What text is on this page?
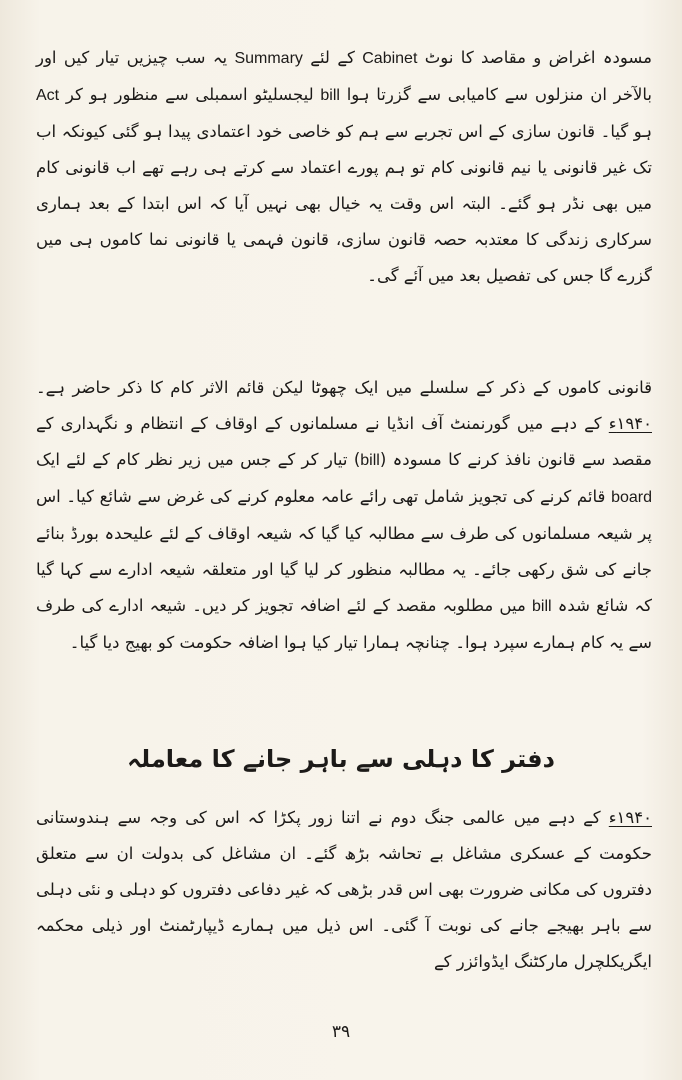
مسودہ اغراض و مقاصد کا نوٹ Cabinet کے لئے Summary یہ سب چیزیں تیار کیں اور بالآخر ان منزلوں سے کامیابی سے گزرتا ہوا bill لیجسلیٹو اسمبلی سے منظور ہو کر Act ہو گیا۔ قانون سازی کے اس تجربے سے ہم کو خاصی خود اعتمادی پیدا ہو گئی کیونکہ اب تک غیر قانونی یا نیم قانونی کام تو ہم پورے اعتماد سے کرتے ہی رہے تھے اب قانونی کام میں بھی نڈر ہو گئے۔ البتہ اس وقت یہ خیال بھی نہیں آیا کہ اس ابتدا کے بعد ہماری سرکاری زندگی کا معتدبہ حصہ قانون سازی، قانون فہمی یا قانونی نما کاموں ہی میں گزرے گا جس کی تفصیل بعد میں آئے گی۔

قانونی کاموں کے ذکر کے سلسلے میں ایک چھوٹا لیکن قائم الاثر کام کا ذکر حاضر ہے۔ ۱۹۴۰ء کے دہے میں گورنمنٹ آف انڈیا نے مسلمانوں کے اوقاف کے انتظام و نگہداری کے مقصد سے قانون نافذ کرنے کا مسودہ (bill) تیار کر کے جس میں زیر نظر کام کے لئے ایک board قائم کرنے کی تجویز شامل تھی رائے عامہ معلوم کرنے کی غرض سے شائع کیا۔ اس پر شیعہ مسلمانوں کی طرف سے مطالبہ کیا گیا کہ شیعہ اوقاف کے لئے علیحدہ بورڈ بنائے جانے کی شق رکھی جائے۔ یہ مطالبہ منظور کر لیا گیا اور متعلقہ شیعہ ادارے سے کہا گیا کہ شائع شدہ bill میں مطلوبہ مقصد کے لئے اضافہ تجویز کر دیں۔ شیعہ ادارے کی طرف سے یہ کام ہمارے سپرد ہوا۔ چنانچہ ہمارا تیار کیا ہوا اضافہ حکومت کو بھیج دیا گیا۔

دفتر کا دہلی سے باہر جانے کا معاملہ

۱۹۴۰ء کے دہے میں عالمی جنگ دوم نے اتنا زور پکڑا کہ اس کی وجہ سے ہندوستانی حکومت کے عسکری مشاغل بے تحاشہ بڑھ گئے۔ ان مشاغل کی بدولت ان سے متعلق دفتروں کی مکانی ضرورت بھی اس قدر بڑھی کہ غیر دفاعی دفتروں کو دہلی و نئی دہلی سے باہر بھیجے جانے کی نوبت آ گئی۔ اس ذیل میں ہمارے ڈیپارٹمنٹ اور ذیلی محکمہ ایگریکلچرل مارکٹنگ ایڈوائزر کے

۳۹
